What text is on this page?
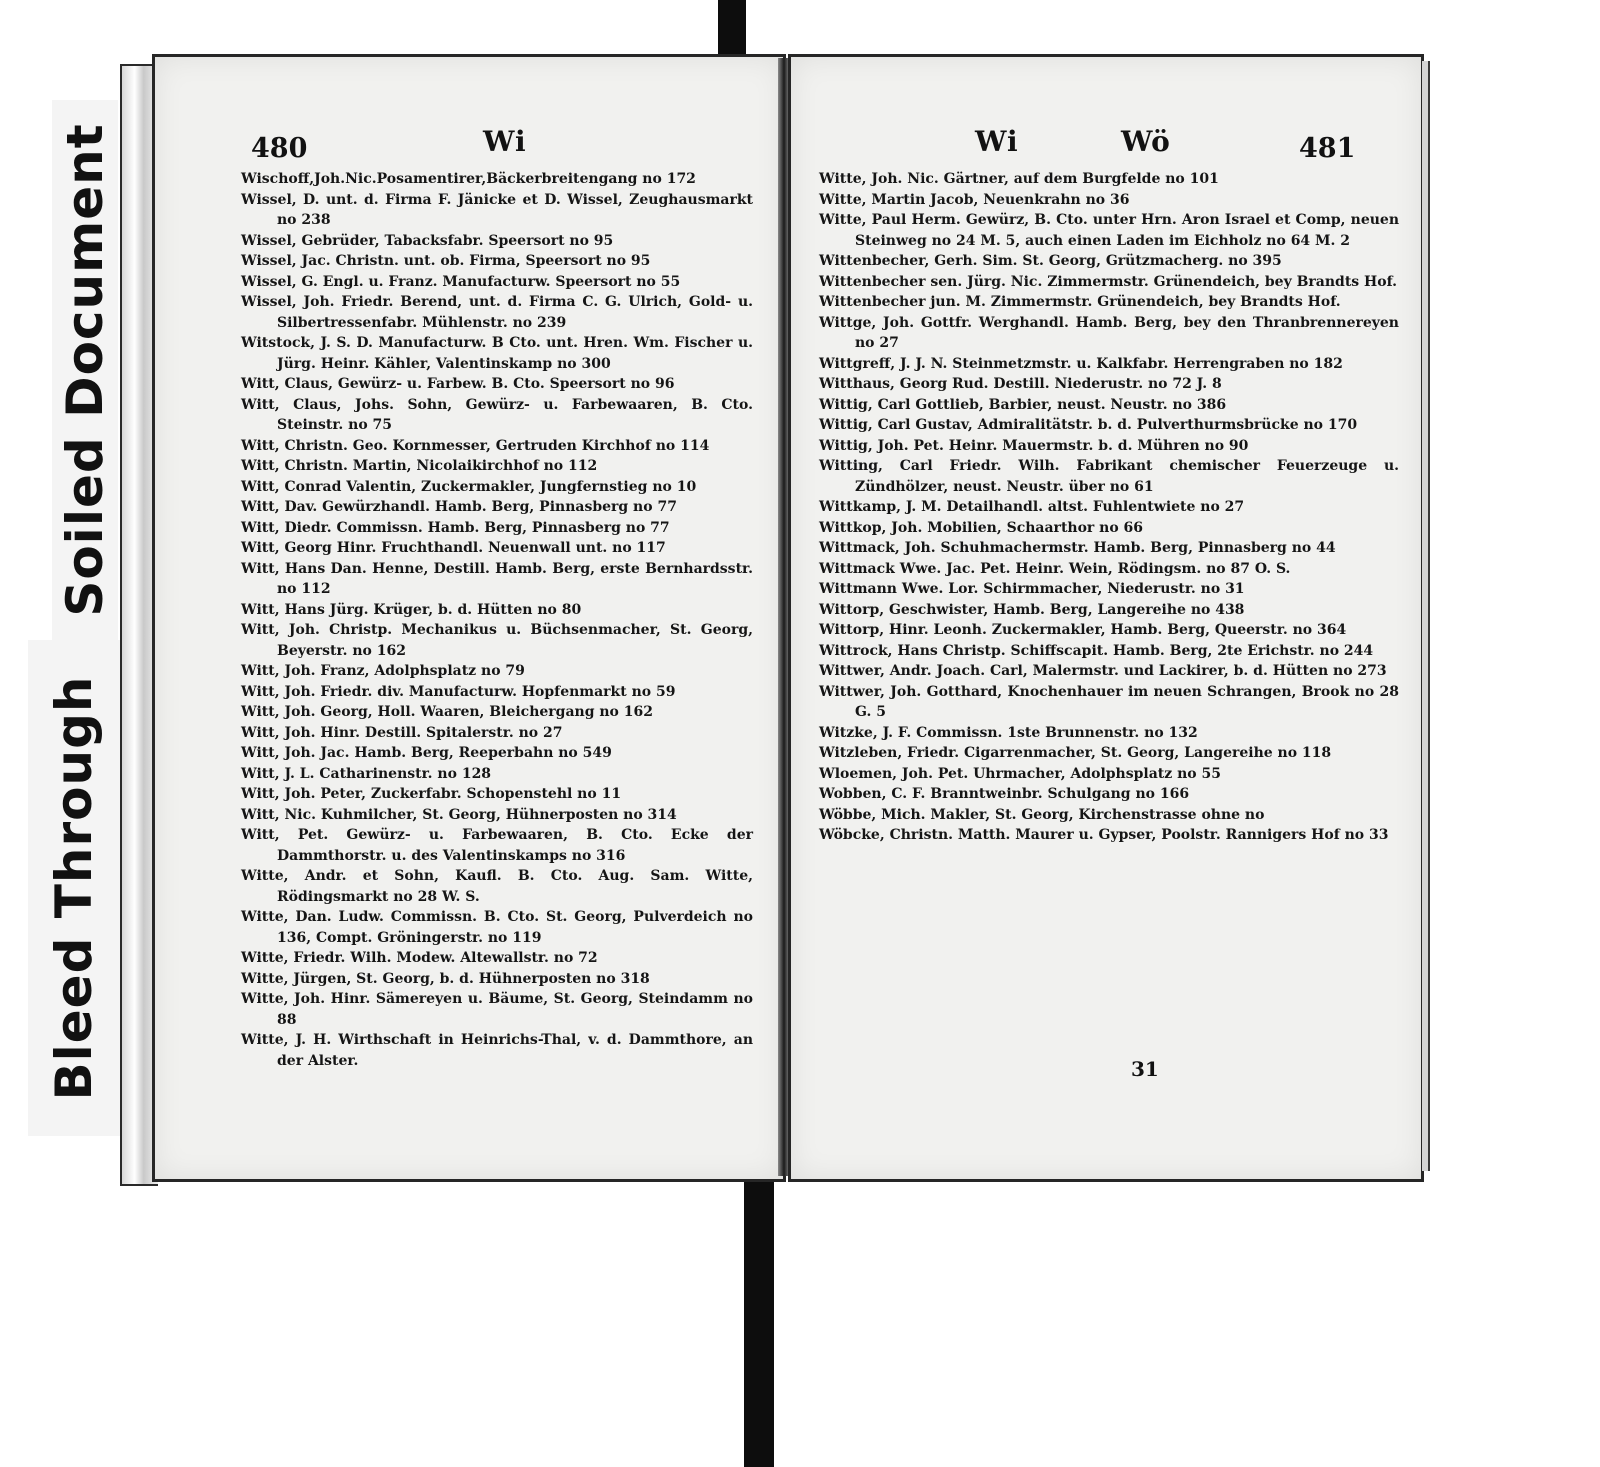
Soiled Document
Bleed Through
480	Wi
Wischoff,Joh.Nic.Posamentirer,Bäckerbreitengang no 172
Wissel, D. unt. d. Firma F. Jänicke et D. Wissel, Zeughausmarkt no 238
Wissel, Gebrüder, Tabacksfabr. Speersort no 95
Wissel, Jac. Christn. unt. ob. Firma, Speersort no 95
Wissel, G. Engl. u. Franz. Manufacturw. Speersort no 55
Wissel, Joh. Friedr. Berend, unt. d. Firma C. G. Ulrich, Gold- u. Silbertressenfabr. Mühlenstr. no 239
Witstock, J. S. D. Manufacturw. B Cto. unt. Hren. Wm. Fischer u. Jürg. Heinr. Kähler, Valentinskamp no 300
Witt, Claus, Gewürz- u. Farbew. B. Cto. Speersort no 96
Witt, Claus, Johs. Sohn, Gewürz- u. Farbewaaren, B. Cto. Steinstr. no 75
Witt, Christn. Geo. Kornmesser, Gertruden Kirchhof no 114
Witt, Christn. Martin, Nicolaikirchhof no 112
Witt, Conrad Valentin, Zuckermakler, Jungfernstieg no 10
Witt, Dav. Gewürzhandl. Hamb. Berg, Pinnasberg no 77
Witt, Diedr. Commissn. Hamb. Berg, Pinnasberg no 77
Witt, Georg Hinr. Fruchthandl. Neuenwall unt. no 117
Witt, Hans Dan. Henne, Destill. Hamb. Berg, erste Bernhardsstr. no 112
Witt, Hans Jürg. Krüger, b. d. Hütten no 80
Witt, Joh. Christp. Mechanikus u. Büchsenmacher, St. Georg, Beyerstr. no 162
Witt, Joh. Franz, Adolphsplatz no 79
Witt, Joh. Friedr. div. Manufacturw. Hopfenmarkt no 59
Witt, Joh. Georg, Holl. Waaren, Bleichergang no 162
Witt, Joh. Hinr. Destill. Spitalerstr. no 27
Witt, Joh. Jac. Hamb. Berg, Reeperbahn no 549
Witt, J. L. Catharinenstr. no 128
Witt, Joh. Peter, Zuckerfabr. Schopenstehl no 11
Witt, Nic. Kuhmilcher, St. Georg, Hühnerposten no 314
Witt, Pet. Gewürz- u. Farbewaaren, B. Cto. Ecke der Dammthorstr. u. des Valentinskamps no 316
Witte, Andr. et Sohn, Kaufl. B. Cto. Aug. Sam. Witte, Rödingsmarkt no 28 W. S.
Witte, Dan. Ludw. Commissn. B. Cto. St. Georg, Pulverdeich no 136, Compt. Gröningerstr. no 119
Witte, Friedr. Wilh. Modew. Altewallstr. no 72
Witte, Jürgen, St. Georg, b. d. Hühnerposten no 318
Witte, Joh. Hinr. Sämereyen u. Bäume, St. Georg, Steindamm no 88
Witte, J. H. Wirthschaft in Heinrichs-Thal, v. d. Dammthore, an der Alster.
Wi	Wö	481
Witte, Joh. Nic. Gärtner, auf dem Burgfelde no 101
Witte, Martin Jacob, Neuenkrahn no 36
Witte, Paul Herm. Gewürz, B. Cto. unter Hrn. Aron Israel et Comp, neuen Steinweg no 24 M. 5, auch einen Laden im Eichholz no 64 M. 2
Wittenbecher, Gerh. Sim. St. Georg, Grützmacherg. no 395
Wittenbecher sen. Jürg. Nic. Zimmermstr. Grünendeich, bey Brandts Hof.
Wittenbecher jun. M. Zimmermstr. Grünendeich, bey Brandts Hof.
Wittge, Joh. Gottfr. Werghandl. Hamb. Berg, bey den Thranbrennereyen no 27
Wittgreff, J. J. N. Steinmetzmstr. u. Kalkfabr. Herrengraben no 182
Witthaus, Georg Rud. Destill. Niederustr. no 72 J. 8
Wittig, Carl Gottlieb, Barbier, neust. Neustr. no 386
Wittig, Carl Gustav, Admiralitätstr. b. d. Pulverthurmsbrücke no 170
Wittig, Joh. Pet. Heinr. Mauermstr. b. d. Mühren no 90
Witting, Carl Friedr. Wilh. Fabrikant chemischer Feuerzeuge u. Zündhölzer, neust. Neustr. über no 61
Wittkamp, J. M. Detailhandl. altst. Fuhlentwiete no 27
Wittkop, Joh. Mobilien, Schaarthor no 66
Wittmack, Joh. Schuhmachermstr. Hamb. Berg, Pinnasberg no 44
Wittmack Wwe. Jac. Pet. Heinr. Wein, Rödingsm. no 87 O. S.
Wittmann Wwe. Lor. Schirmmacher, Niederustr. no 31
Wittorp, Geschwister, Hamb. Berg, Langereihe no 438
Wittorp, Hinr. Leonh. Zuckermakler, Hamb. Berg, Queerstr. no 364
Wittrock, Hans Christp. Schiffscapit. Hamb. Berg, 2te Erichstr. no 244
Wittwer, Andr. Joach. Carl, Malermstr. und Lackirer, b. d. Hütten no 273
Wittwer, Joh. Gotthard, Knochenhauer im neuen Schrangen, Brook no 28 G. 5
Witzke, J. F. Commissn. 1ste Brunnenstr. no 132
Witzleben, Friedr. Cigarrenmacher, St. Georg, Langereihe no 118
Wloemen, Joh. Pet. Uhrmacher, Adolphsplatz no 55
Wobben, C. F. Branntweinbr. Schulgang no 166
Wöbbe, Mich. Makler, St. Georg, Kirchenstrasse ohne no
Wöbcke, Christn. Matth. Maurer u. Gypser, Poolstr. Rannigers Hof no 33
31
